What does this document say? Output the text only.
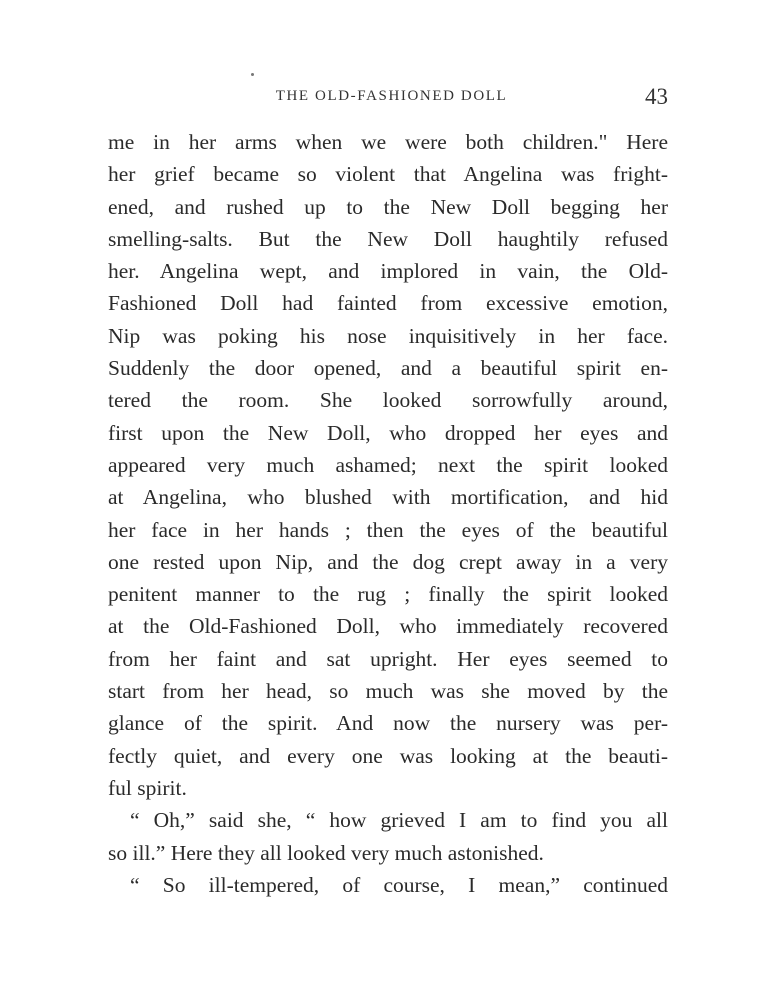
THE OLD-FASHIONED DOLL	43
me in her arms when we were both children." Here
her grief became so violent that Angelina was fright-
ened, and rushed up to the New Doll begging her
smelling-salts. But the New Doll haughtily refused
her. Angelina wept, and implored in vain, the Old-
Fashioned Doll had fainted from excessive emotion,
Nip was poking his nose inquisitively in her face.
Suddenly the door opened, and a beautiful spirit en-
tered the room. She looked sorrowfully around,
first upon the New Doll, who dropped her eyes and
appeared very much ashamed; next the spirit looked
at Angelina, who blushed with mortification, and hid
her face in her hands ; then the eyes of the beautiful
one rested upon Nip, and the dog crept away in a very
penitent manner to the rug ; finally the spirit looked
at the Old-Fashioned Doll, who immediately recovered
from her faint and sat upright. Her eyes seemed to
start from her head, so much was she moved by the
glance of the spirit. And now the nursery was per-
fectly quiet, and every one was looking at the beauti-
ful spirit.
“ Oh,” said she, “ how grieved I am to find you all
so ill.” Here they all looked very much astonished.
“ So ill-tempered, of course, I mean,” continued
